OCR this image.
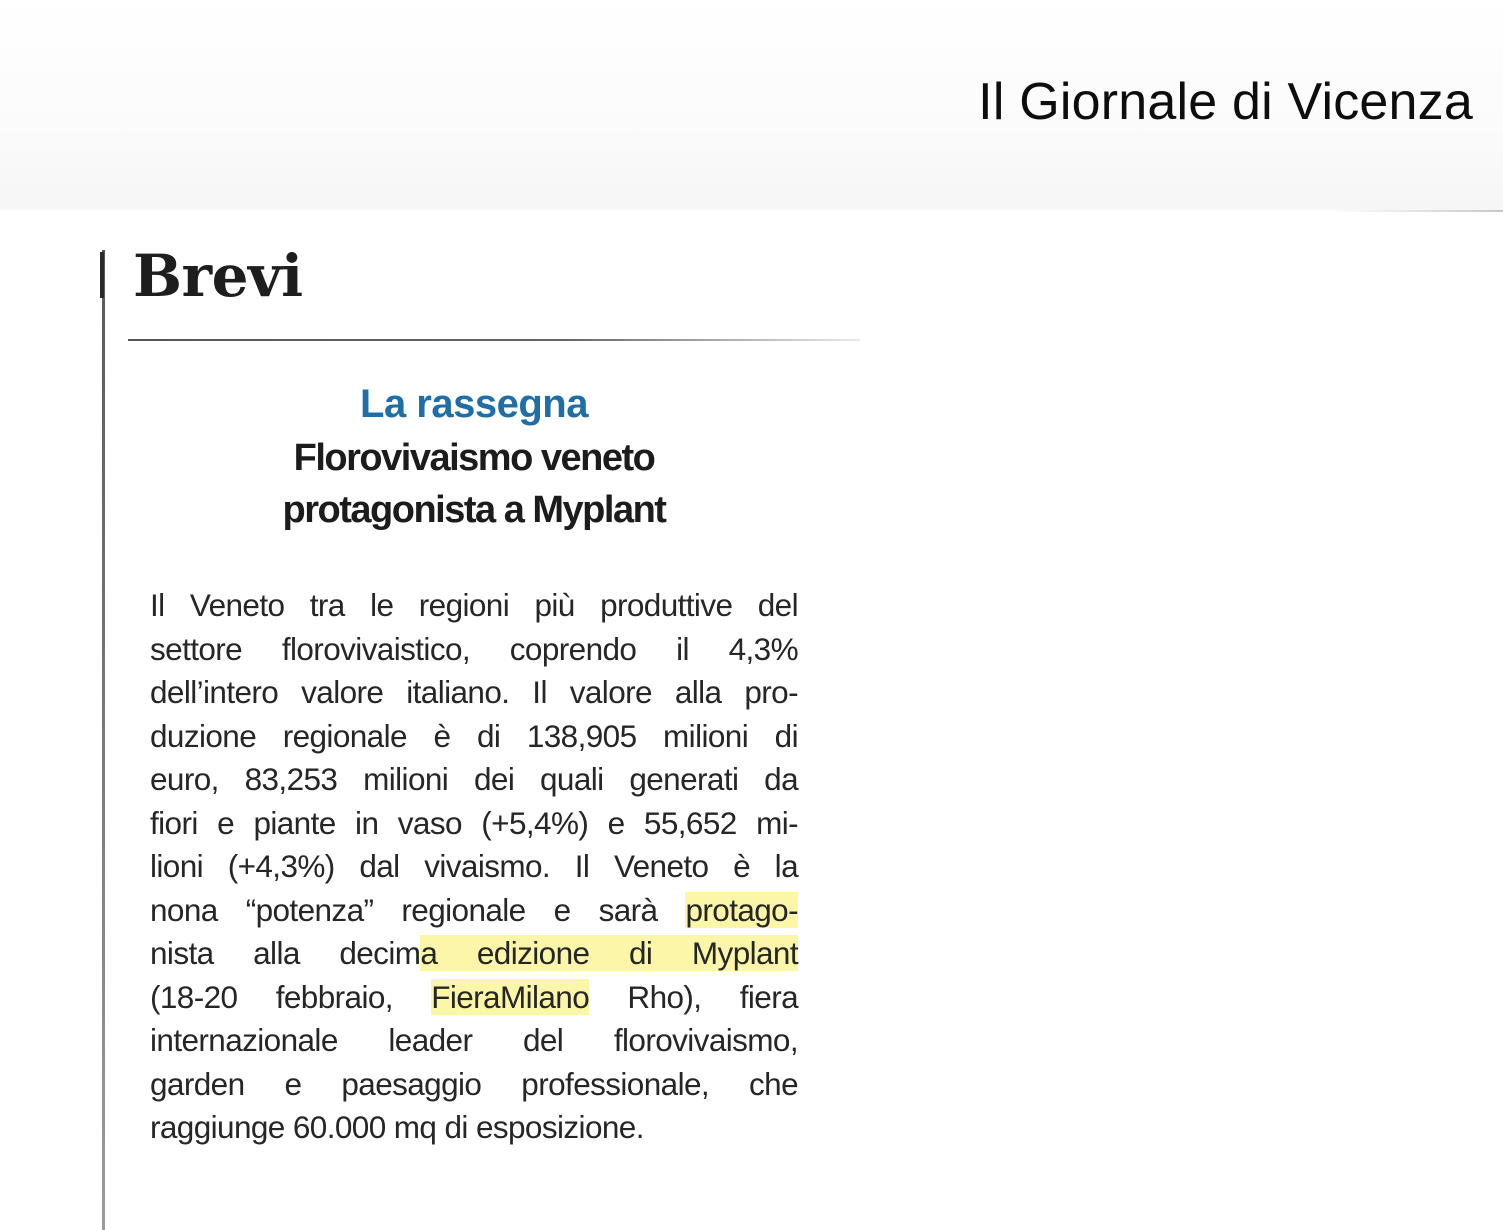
Il Giornale di Vicenza
Brevi
La rassegna
Florovivaismo veneto
protagonista a Myplant
Il Veneto tra le regioni più produttive del
settore florovivaistico, coprendo il 4,3%
dell’intero valore italiano. Il valore alla pro-
duzione regionale è di 138,905 milioni di
euro, 83,253 milioni dei quali generati da
fiori e piante in vaso (+5,4%) e 55,652 mi-
lioni (+4,3%) dal vivaismo. Il Veneto è la
nona “potenza” regionale e sarà protago-
nista alla decima edizione di Myplant
(18-20 febbraio, FieraMilano Rho), fiera
internazionale leader del florovivaismo,
garden e paesaggio professionale, che
raggiunge 60.000 mq di esposizione.
